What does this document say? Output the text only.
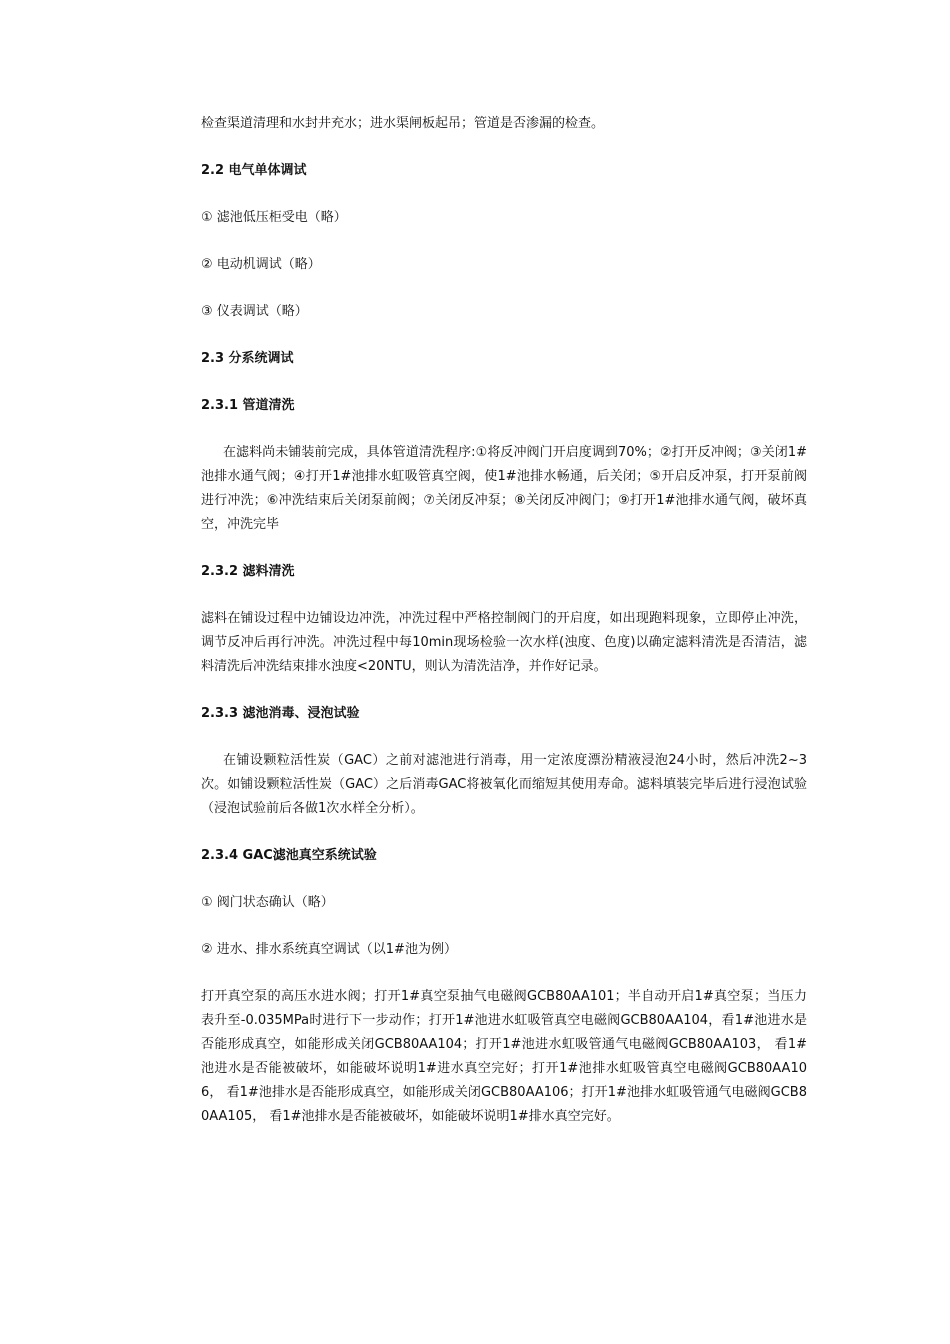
检查渠道清理和水封井充水；进水渠闸板起吊；管道是否渗漏的检查。

2.2 电气单体调试

① 滤池低压柜受电（略）

② 电动机调试（略）

③ 仪表调试（略）

2.3 分系统调试

2.3.1 管道清洗

在滤料尚未铺装前完成，具体管道清洗程序:①将反冲阀门开启度调到70%；②打开反冲阀；③关闭1#池排水通气阀；④打开1#池排水虹吸管真空阀，使1#池排水畅通，后关闭；⑤开启反冲泵，打开泵前阀进行冲洗；⑥冲洗结束后关闭泵前阀；⑦关闭反冲泵；⑧关闭反冲阀门；⑨打开1#池排水通气阀，破坏真空，冲洗完毕

2.3.2 滤料清洗

滤料在铺设过程中边铺设边冲洗，冲洗过程中严格控制阀门的开启度，如出现跑料现象，立即停止冲洗，调节反冲后再行冲洗。冲洗过程中每10min现场检验一次水样(浊度、色度)以确定滤料清洗是否清洁，滤料清洗后冲洗结束排水浊度<20NTU，则认为清洗洁净，并作好记录。

2.3.3 滤池消毒、浸泡试验

在铺设颗粒活性炭（GAC）之前对滤池进行消毒，用一定浓度漂汾精液浸泡24小时，然后冲洗2~3次。如铺设颗粒活性炭（GAC）之后消毒GAC将被氧化而缩短其使用寿命。滤料填装完毕后进行浸泡试验（浸泡试验前后各做1次水样全分析）。

2.3.4 GAC滤池真空系统试验

① 阀门状态确认（略）

② 进水、排水系统真空调试（以1#池为例）

打开真空泵的高压水进水阀；打开1#真空泵抽气电磁阀GCB80AA101；半自动开启1#真空泵；当压力表升至-0.035MPa时进行下一步动作；打开1#池进水虹吸管真空电磁阀GCB80AA104，看1#池进水是否能形成真空，如能形成关闭GCB80AA104；打开1#池进水虹吸管通气电磁阀GCB80AA103， 看1#池进水是否能被破坏，如能破坏说明1#进水真空完好；打开1#池排水虹吸管真空电磁阀GCB80AA106， 看1#池排水是否能形成真空，如能形成关闭GCB80AA106；打开1#池排水虹吸管通气电磁阀GCB80AA105， 看1#池排水是否能被破坏，如能破坏说明1#排水真空完好。
